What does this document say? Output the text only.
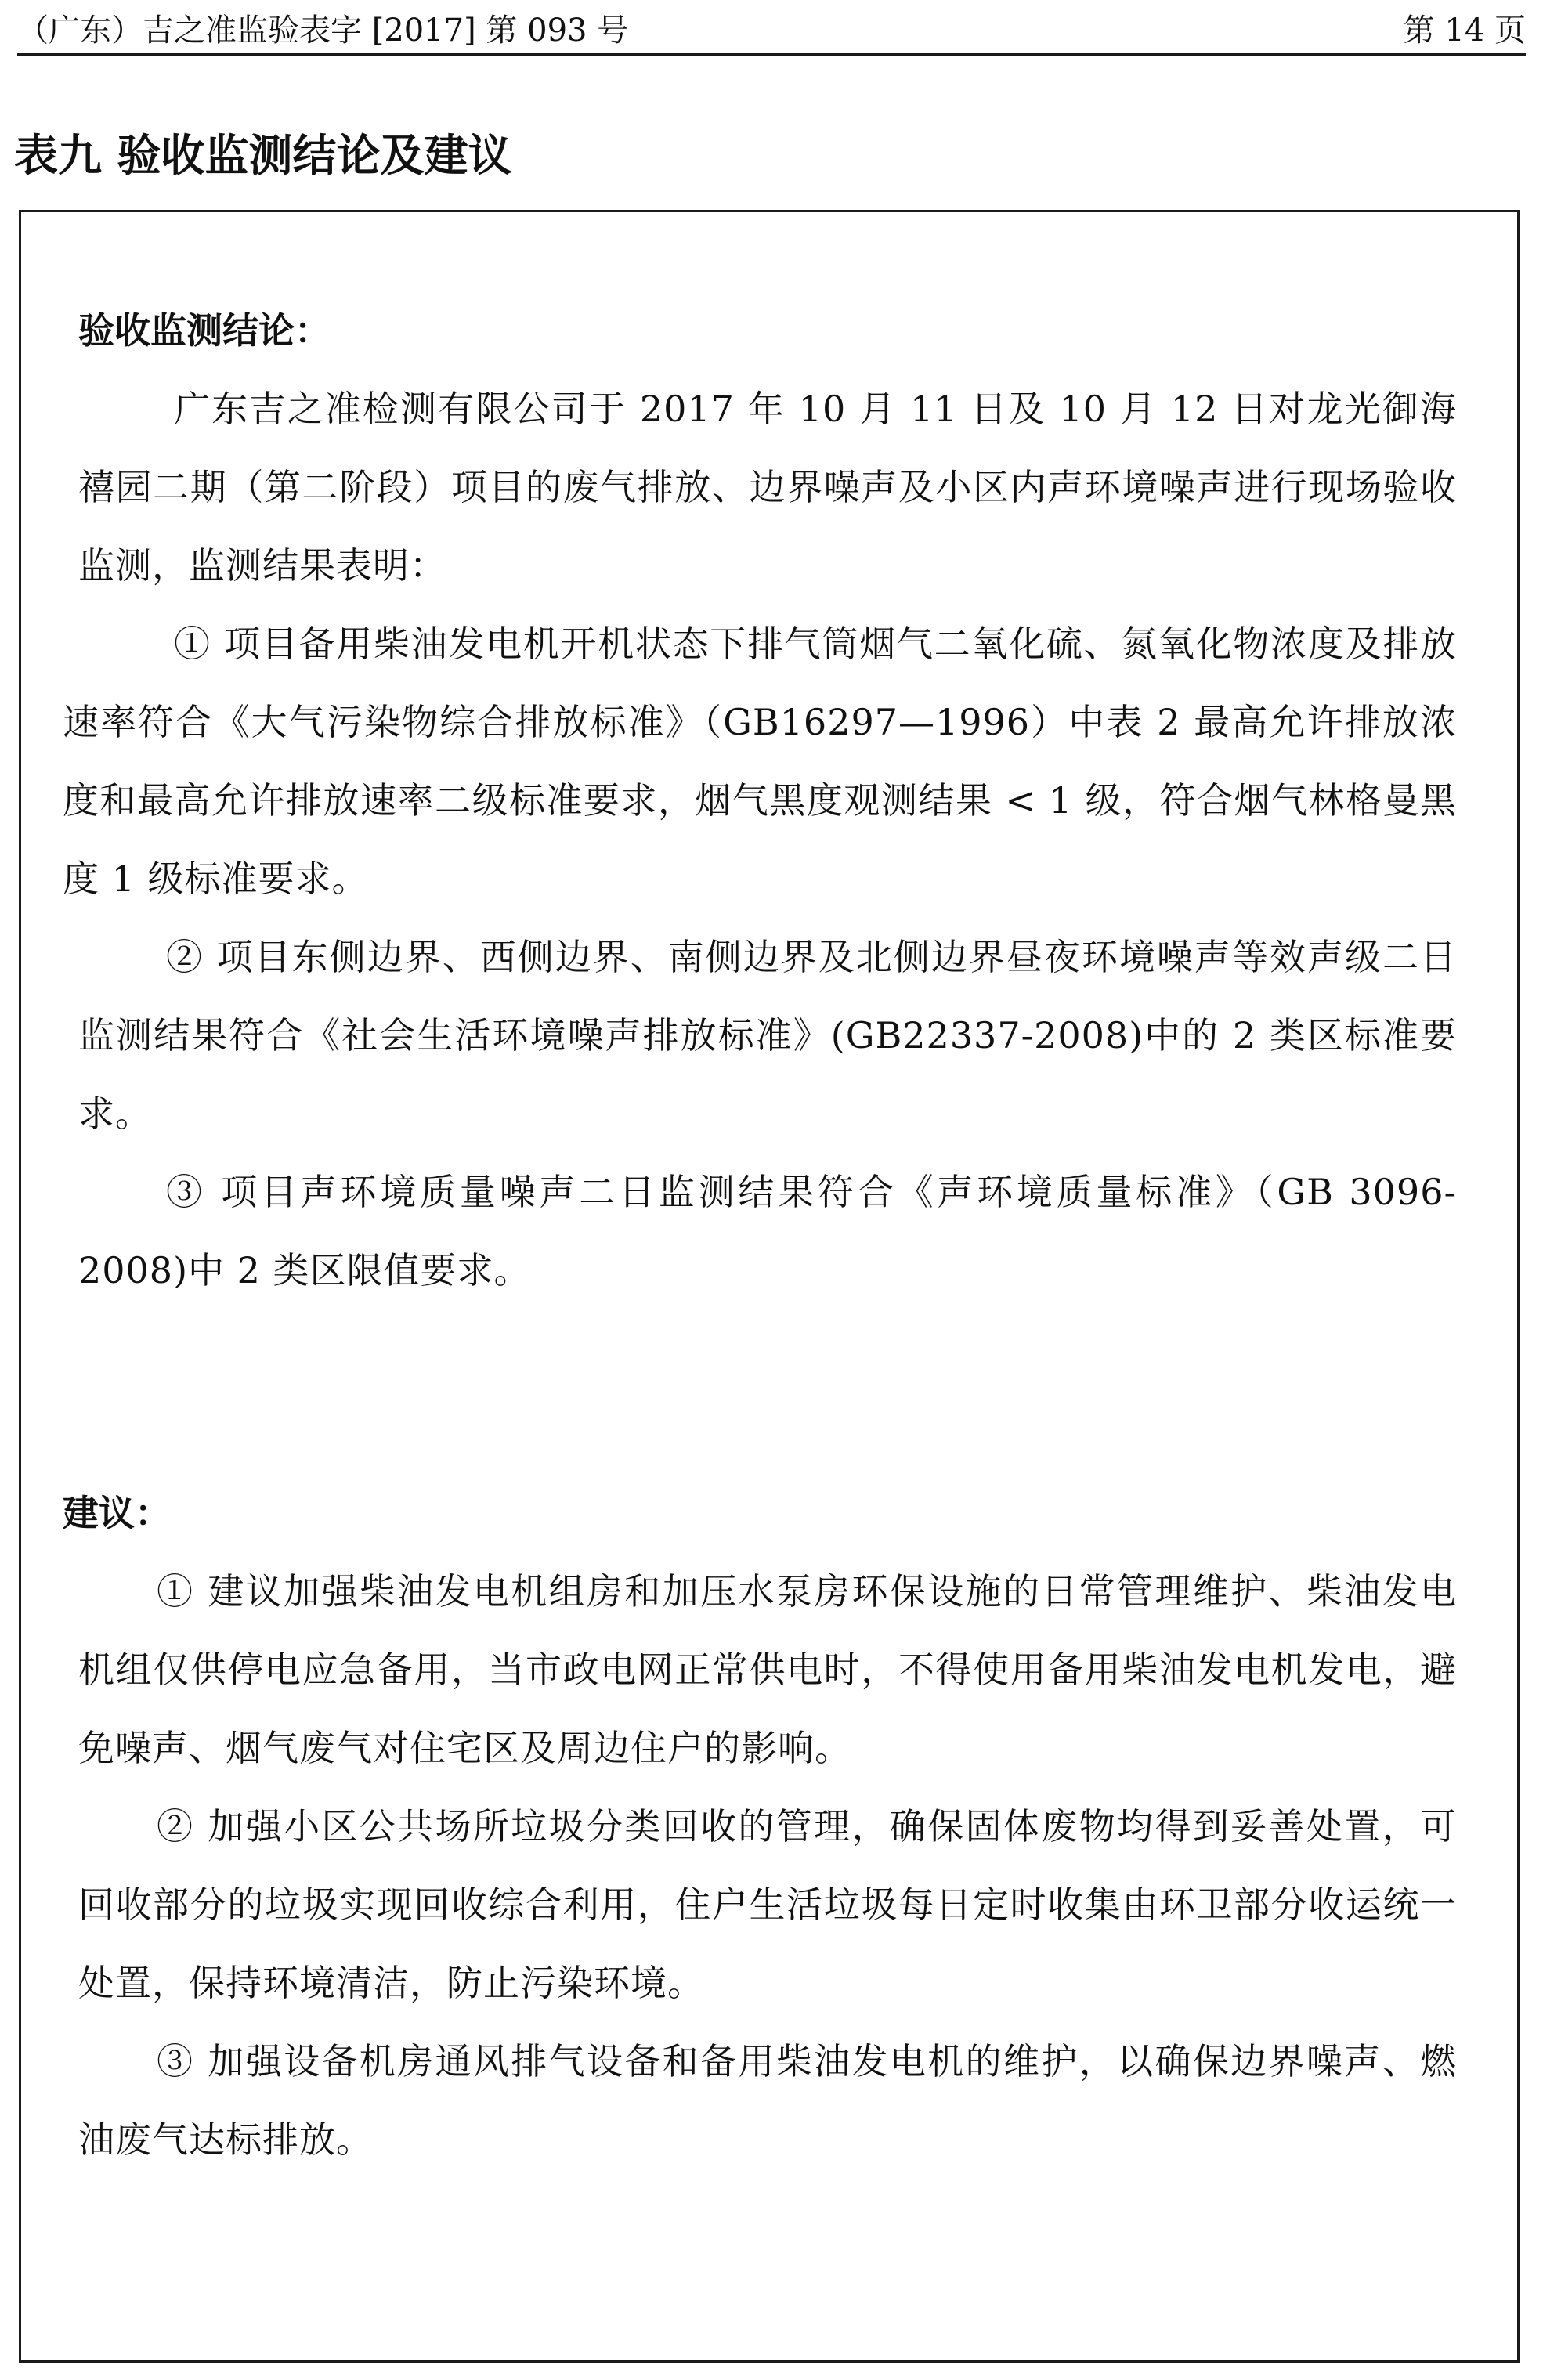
（广东）吉之准监验表字 [2017] 第 093 号	第 14 页
表九 验收监测结论及建议
验收监测结论：
广东吉之准检测有限公司于 2017 年 10 月 11 日及 10 月 12 日对龙光御海禧园二期（第二阶段）项目的废气排放、边界噪声及小区内声环境噪声进行现场验收监测，监测结果表明：
① 项目备用柴油发电机开机状态下排气筒烟气二氧化硫、氮氧化物浓度及排放速率符合《大气污染物综合排放标准》（GB16297—1996）中表 2 最高允许排放浓度和最高允许排放速率二级标准要求，烟气黑度观测结果 < 1 级，符合烟气林格曼黑度 1 级标准要求。
② 项目东侧边界、西侧边界、南侧边界及北侧边界昼夜环境噪声等效声级二日监测结果符合《社会生活环境噪声排放标准》(GB22337-2008)中的 2 类区标准要求。
③ 项目声环境质量噪声二日监测结果符合《声环境质量标准》（GB 3096-2008)中 2 类区限值要求。
建议：
① 建议加强柴油发电机组房和加压水泵房环保设施的日常管理维护、柴油发电机组仅供停电应急备用，当市政电网正常供电时，不得使用备用柴油发电机发电，避免噪声、烟气废气对住宅区及周边住户的影响。
② 加强小区公共场所垃圾分类回收的管理，确保固体废物均得到妥善处置，可回收部分的垃圾实现回收综合利用，住户生活垃圾每日定时收集由环卫部分收运统一处置，保持环境清洁，防止污染环境。
③ 加强设备机房通风排气设备和备用柴油发电机的维护，以确保边界噪声、燃油废气达标排放。
